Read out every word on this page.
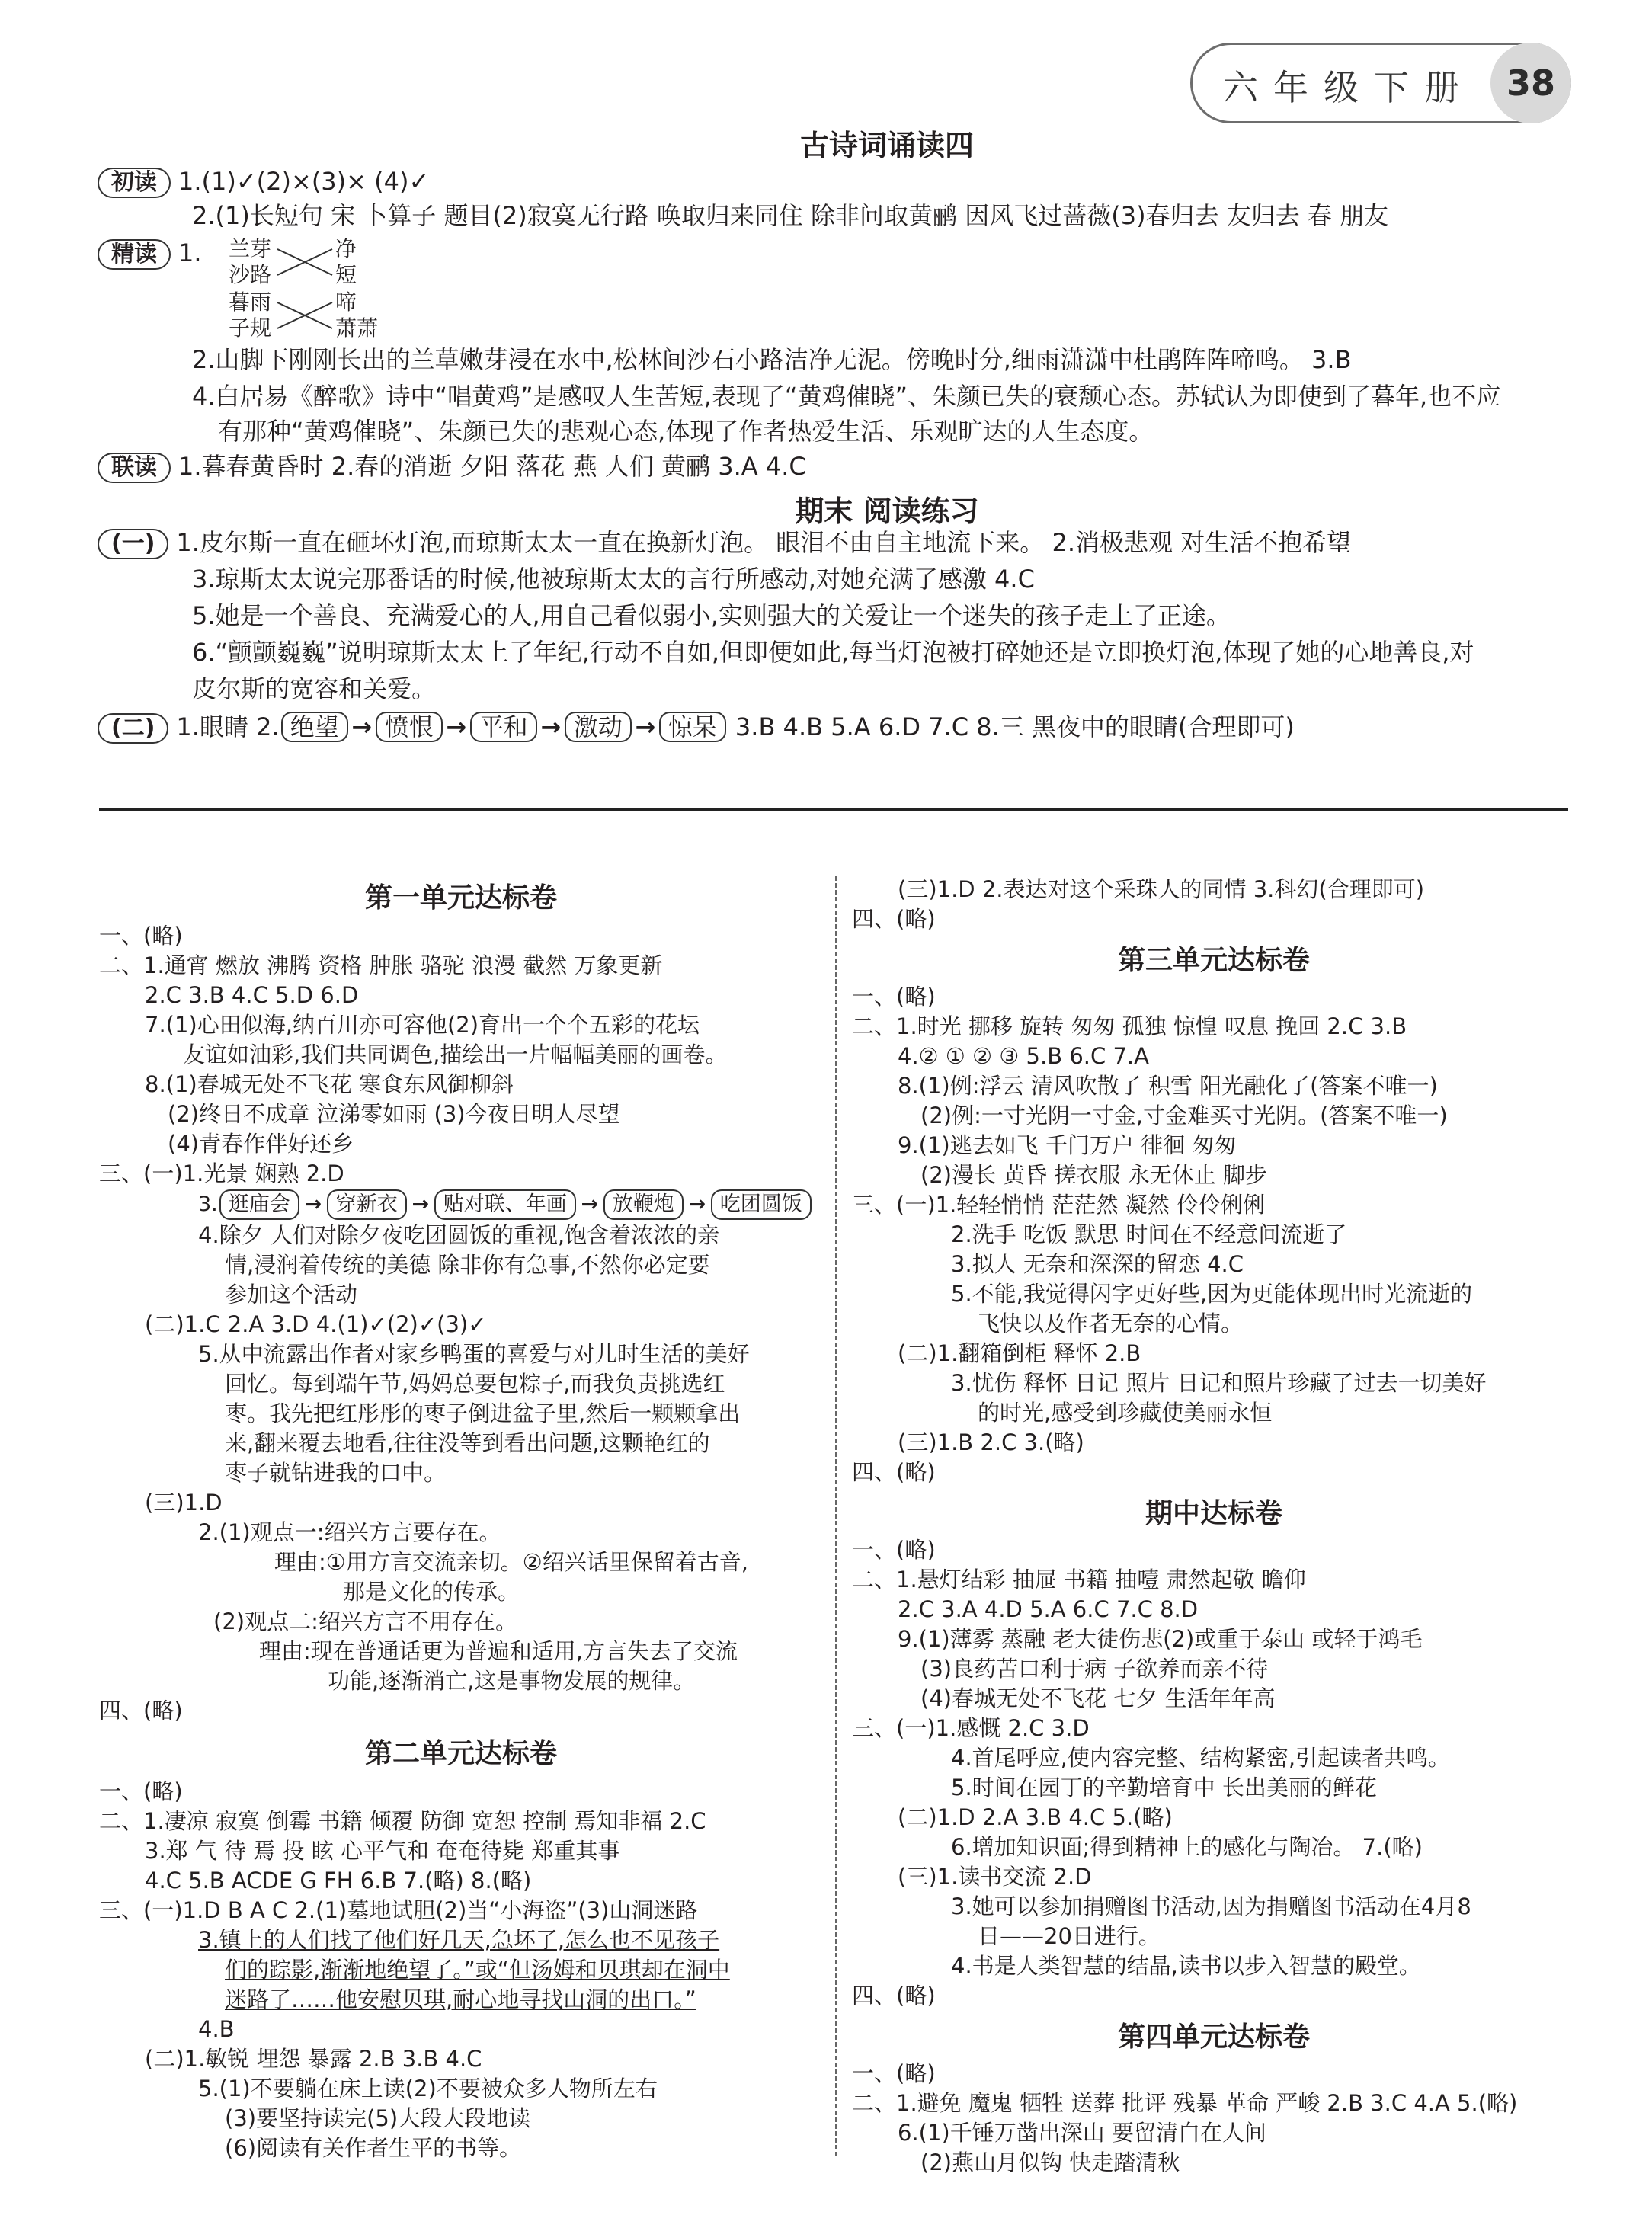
六年级下册 38
古诗词诵读四
初读 1.(1)✓(2)×(3)× (4)✓
2.(1)长短句 宋 卜算子 题目(2)寂寞无行路 唤取归来同住 除非问取黄鹂 因风飞过蔷薇(3)春归去 友归去 春 朋友
精读 1. 兰芽
沙路
暮雨
子规
净
短
啼
萧萧
2.山脚下刚刚长出的兰草嫩芽浸在水中,松林间沙石小路洁净无泥。傍晚时分,细雨潇潇中杜鹃阵阵啼鸣。 3.B
4.白居易《醉歌》诗中“唱黄鸡”是感叹人生苦短,表现了“黄鸡催晓”、朱颜已失的衰颓心态。苏轼认为即使到了暮年,也不应
有那种“黄鸡催晓”、朱颜已失的悲观心态,体现了作者热爱生活、乐观旷达的人生态度。
联读 1.暮春黄昏时 2.春的消逝 夕阳 落花 燕 人们 黄鹂 3.A 4.C
期末 阅读练习
(一) 1.皮尔斯一直在砸坏灯泡,而琼斯太太一直在换新灯泡。 眼泪不由自主地流下来。 2.消极悲观 对生活不抱希望
3.琼斯太太说完那番话的时候,他被琼斯太太的言行所感动,对她充满了感激 4.C
5.她是一个善良、充满爱心的人,用自己看似弱小,实则强大的关爱让一个迷失的孩子走上了正途。
6.“颤颤巍巍”说明琼斯太太上了年纪,行动不自如,但即便如此,每当灯泡被打碎她还是立即换灯泡,体现了她的心地善良,对
皮尔斯的宽容和关爱。
(二) 1.眼睛 2. 绝望 → 愤恨 → 平和 → 激动 → 惊呆 3.B 4.B 5.A 6.D 7.C 8.三 黑夜中的眼睛(合理即可)
第一单元达标卷
一、(略)
二、1.通宵 燃放 沸腾 资格 肿胀 骆驼 浪漫 截然 万象更新
2.C 3.B 4.C 5.D 6.D
7.(1)心田似海,纳百川亦可容他(2)育出一个个五彩的花坛
友谊如油彩,我们共同调色,描绘出一片幅幅美丽的画卷。
8.(1)春城无处不飞花 寒食东风御柳斜
(2)终日不成章 泣涕零如雨 (3)今夜日明人尽望
(4)青春作伴好还乡
三、(一)1.光景 娴熟 2.D
3. 逛庙会 → 穿新衣 → 贴对联、年画 → 放鞭炮 → 吃团圆饭
4.除夕 人们对除夕夜吃团圆饭的重视,饱含着浓浓的亲
情,浸润着传统的美德 除非你有急事,不然你必定要
参加这个活动
(二)1.C 2.A 3.D 4.(1)✓(2)✓(3)✓
5.从中流露出作者对家乡鸭蛋的喜爱与对儿时生活的美好
回忆。每到端午节,妈妈总要包粽子,而我负责挑选红
枣。我先把红彤彤的枣子倒进盆子里,然后一颗颗拿出
来,翻来覆去地看,往往没等到看出问题,这颗艳红的
枣子就钻进我的口中。
(三)1.D
2.(1)观点一:绍兴方言要存在。
理由:①用方言交流亲切。②绍兴话里保留着古音,
那是文化的传承。
(2)观点二:绍兴方言不用存在。
理由:现在普通话更为普遍和适用,方言失去了交流
功能,逐渐消亡,这是事物发展的规律。
四、(略)
第二单元达标卷
一、(略)
二、1.凄凉 寂寞 倒霉 书籍 倾覆 防御 宽恕 控制 焉知非福 2.C
3.郑 气 待 焉 投 眩 心平气和 奄奄待毙 郑重其事
4.C 5.B ACDE G FH 6.B 7.(略) 8.(略)
三、(一)1.D B A C 2.(1)墓地试胆(2)当“小海盗”(3)山洞迷路
3.镇上的人们找了他们好几天,急坏了,怎么也不见孩子
们的踪影,渐渐地绝望了。”或“但汤姆和贝琪却在洞中
迷路了……他安慰贝琪,耐心地寻找山洞的出口。”
4.B
(二)1.敏锐 埋怨 暴露 2.B 3.B 4.C
5.(1)不要躺在床上读(2)不要被众多人物所左右
(3)要坚持读完(5)大段大段地读
(6)阅读有关作者生平的书等。
(三)1.D 2.表达对这个采珠人的同情 3.科幻(合理即可)
四、(略)
第三单元达标卷
一、(略)
二、1.时光 挪移 旋转 匆匆 孤独 惊惶 叹息 挽回 2.C 3.B
4.② ① ② ③ 5.B 6.C 7.A
8.(1)例:浮云 清风吹散了 积雪 阳光融化了(答案不唯一)
(2)例:一寸光阴一寸金,寸金难买寸光阴。(答案不唯一)
9.(1)逃去如飞 千门万户 徘徊 匆匆
(2)漫长 黄昏 搓衣服 永无休止 脚步
三、(一)1.轻轻悄悄 茫茫然 凝然 伶伶俐俐
2.洗手 吃饭 默思 时间在不经意间流逝了
3.拟人 无奈和深深的留恋 4.C
5.不能,我觉得闪字更好些,因为更能体现出时光流逝的
飞快以及作者无奈的心情。
(二)1.翻箱倒柜 释怀 2.B
3.忧伤 释怀 日记 照片 日记和照片珍藏了过去一切美好
的时光,感受到珍藏使美丽永恒
(三)1.B 2.C 3.(略)
四、(略)
期中达标卷
一、(略)
二、1.悬灯结彩 抽屉 书籍 抽噎 肃然起敬 瞻仰
2.C 3.A 4.D 5.A 6.C 7.C 8.D
9.(1)薄雾 蒸融 老大徒伤悲(2)或重于泰山 或轻于鸿毛
(3)良药苦口利于病 子欲养而亲不待
(4)春城无处不飞花 七夕 生活年年高
三、(一)1.感慨 2.C 3.D
4.首尾呼应,使内容完整、结构紧密,引起读者共鸣。
5.时间在园丁的辛勤培育中 长出美丽的鲜花
(二)1.D 2.A 3.B 4.C 5.(略)
6.增加知识面;得到精神上的感化与陶冶。 7.(略)
(三)1.读书交流 2.D
3.她可以参加捐赠图书活动,因为捐赠图书活动在4月8
日——20日进行。
4.书是人类智慧的结晶,读书以步入智慧的殿堂。
四、(略)
第四单元达标卷
一、(略)
二、1.避免 魔鬼 牺牲 送葬 批评 残暴 革命 严峻 2.B 3.C 4.A 5.(略)
6.(1)千锤万凿出深山 要留清白在人间
(2)燕山月似钩 快走踏清秋
